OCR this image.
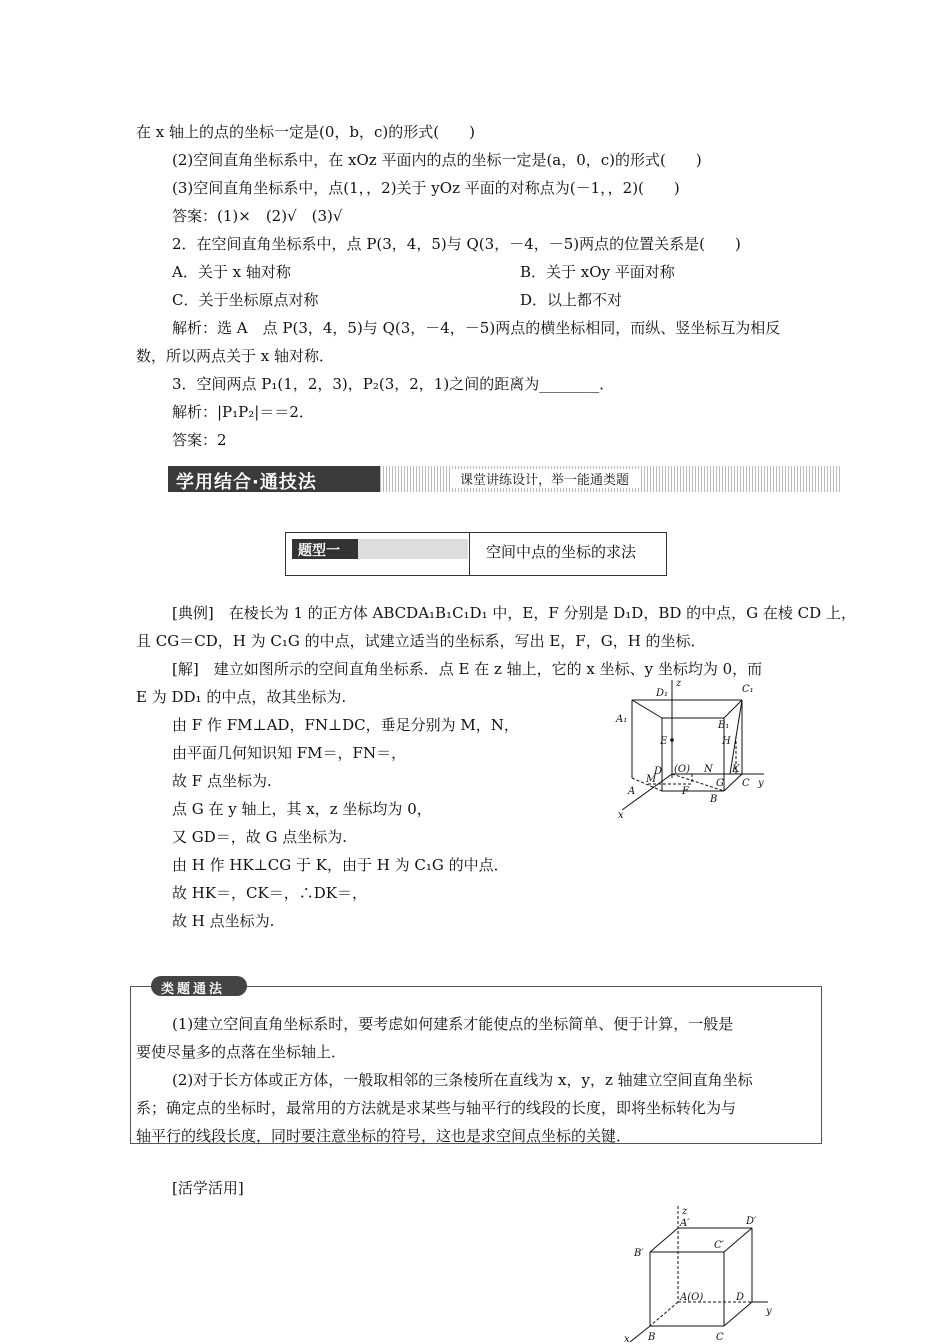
在 x 轴上的点的坐标一定是(0，b，c)的形式(　　)
(2)空间直角坐标系中，在 xOz 平面内的点的坐标一定是(a，0，c)的形式(　　)
(3)空间直角坐标系中，点(1，，2)关于 yOz 平面的对称点为(－1，，2)(　　)
答案：(1)×　(2)√　(3)√
2．在空间直角坐标系中，点 P(3，4，5)与 Q(3，－4，－5)两点的位置关系是(　　)
A．关于 x 轴对称	B．关于 xOy 平面对称
C．关于坐标原点对称	D．以上都不对
解析：选 A　点 P(3，4，5)与 Q(3，－4，－5)两点的横坐标相同，而纵、竖坐标互为相反
数，所以两点关于 x 轴对称．
3．空间两点 P₁(1，2，3)，P₂(3，2，1)之间的距离为________．
解析：|P₁P₂|＝＝2．
答案：2
学用结合·通技法	课堂讲练设计，举一能通类题
题型一	空间中点的坐标的求法
[典例]　在棱长为 1 的正方体 ABCDA₁B₁C₁D₁ 中，E，F 分别是 D₁D，BD 的中点，G 在棱 CD 上，
且 CG＝CD，H 为 C₁G 的中点，试建立适当的坐标系，写出 E，F，G，H 的坐标．
[解]　建立如图所示的空间直角坐标系．点 E 在 z 轴上，它的 x 坐标、y 坐标均为 0，而
E 为 DD₁ 的中点，故其坐标为.
由 F 作 FM⊥AD，FN⊥DC，垂足分别为 M，N，
由平面几何知识知 FM＝，FN＝，
故 F 点坐标为.
点 G 在 y 轴上，其 x，z 坐标均为 0，
又 GD＝，故 G 点坐标为.
由 H 作 HK⊥CG 于 K，由于 H 为 C₁G 的中点．
故 HK＝，CK＝，∴DK＝，
故 H 点坐标为.
z
D₁	C₁
A₁
B₁
E	H
D (O) N
M	G
K
C y
A	F
B
x
类题通法
(1)建立空间直角坐标系时，要考虑如何建系才能使点的坐标简单、便于计算，一般是
要使尽量多的点落在坐标轴上．
(2)对于长方体或正方体，一般取相邻的三条棱所在直线为 x，y，z 轴建立空间直角坐标
系；确定点的坐标时，最常用的方法就是求某些与轴平行的线段的长度，即将坐标转化为与
轴平行的线段长度，同时要注意坐标的符号，这也是求空间点坐标的关键．
[活学活用]
z
A′	D′
B′
C′
A(O)	D
y
x B	C
